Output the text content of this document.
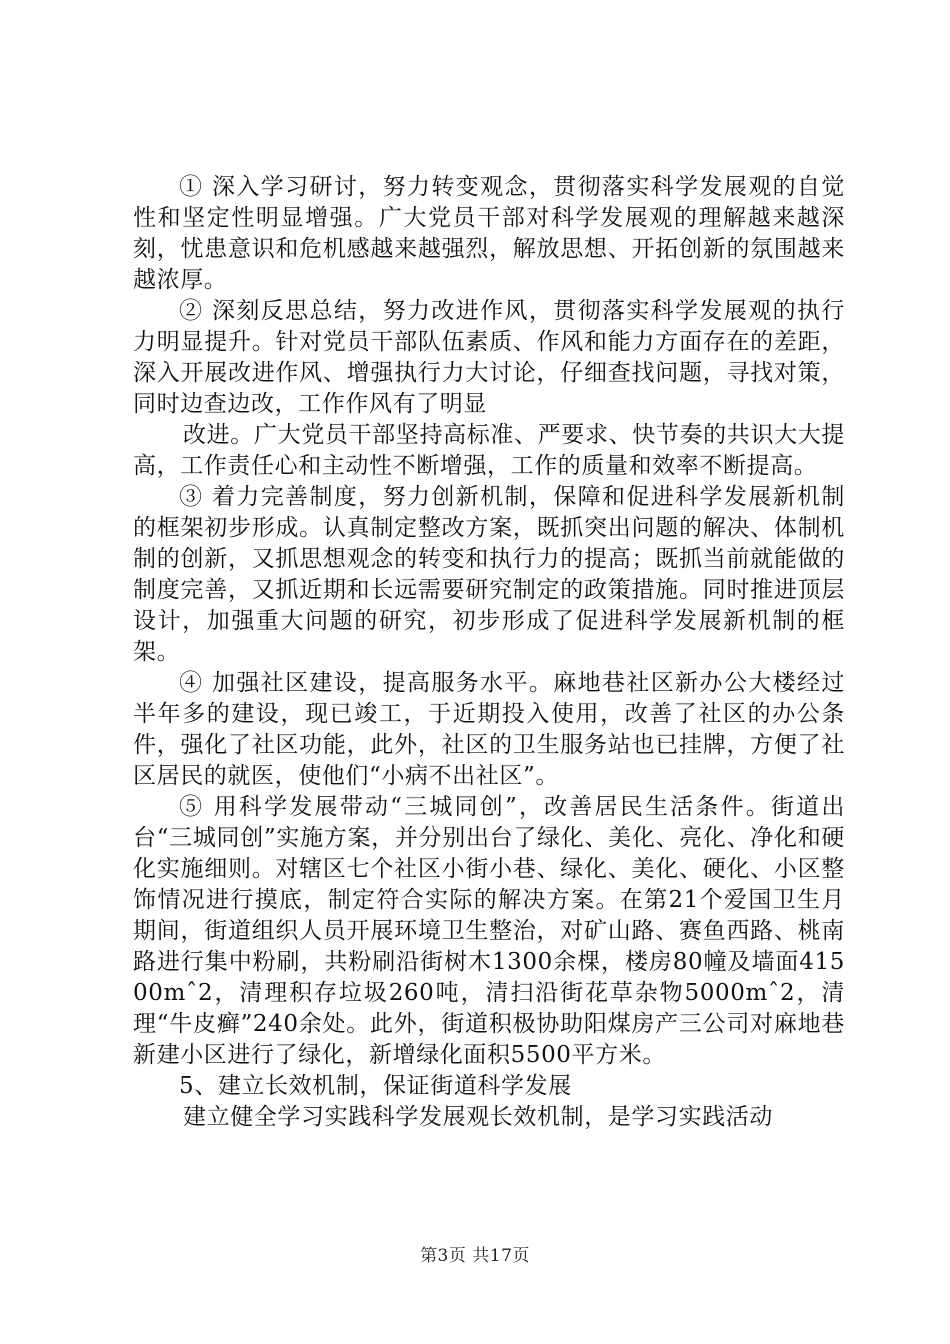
① 深入学习研讨，努力转变观念，贯彻落实科学发展观的自觉性和坚定性明显增强。广大党员干部对科学发展观的理解越来越深刻，忧患意识和危机感越来越强烈，解放思想、开拓创新的氛围越来越浓厚。

② 深刻反思总结，努力改进作风，贯彻落实科学发展观的执行力明显提升。针对党员干部队伍素质、作风和能力方面存在的差距，深入开展改进作风、增强执行力大讨论，仔细查找问题，寻找对策，同时边查边改，工作作风有了明显

改进。广大党员干部坚持高标准、严要求、快节奏的共识大大提高，工作责任心和主动性不断增强，工作的质量和效率不断提高。

③ 着力完善制度，努力创新机制，保障和促进科学发展新机制的框架初步形成。认真制定整改方案，既抓突出问题的解决、体制机制的创新，又抓思想观念的转变和执行力的提高；既抓当前就能做的制度完善，又抓近期和长远需要研究制定的政策措施。同时推进顶层设计，加强重大问题的研究，初步形成了促进科学发展新机制的框架。

④ 加强社区建设，提高服务水平。麻地巷社区新办公大楼经过半年多的建设，现已竣工，于近期投入使用，改善了社区的办公条件，强化了社区功能，此外，社区的卫生服务站也已挂牌，方便了社区居民的就医，使他们“小病不出社区”。

⑤ 用科学发展带动“三城同创”，改善居民生活条件。街道出台“三城同创”实施方案，并分别出台了绿化、美化、亮化、净化和硬化实施细则。对辖区七个社区小街小巷、绿化、美化、硬化、小区整饰情况进行摸底，制定符合实际的解决方案。在第21个爱国卫生月期间，街道组织人员开展环境卫生整治，对矿山路、赛鱼西路、桃南路进行集中粉刷，共粉刷沿街树木1300余棵，楼房80幢及墙面41500mˆ2，清理积存垃圾260吨，清扫沿街花草杂物5000mˆ2，清理“牛皮癣”240余处。此外，街道积极协助阳煤房产三公司对麻地巷新建小区进行了绿化，新增绿化面积5500平方米。

5、建立长效机制，保证街道科学发展

建立健全学习实践科学发展观长效机制，是学习实践活动

第3页 共17页
